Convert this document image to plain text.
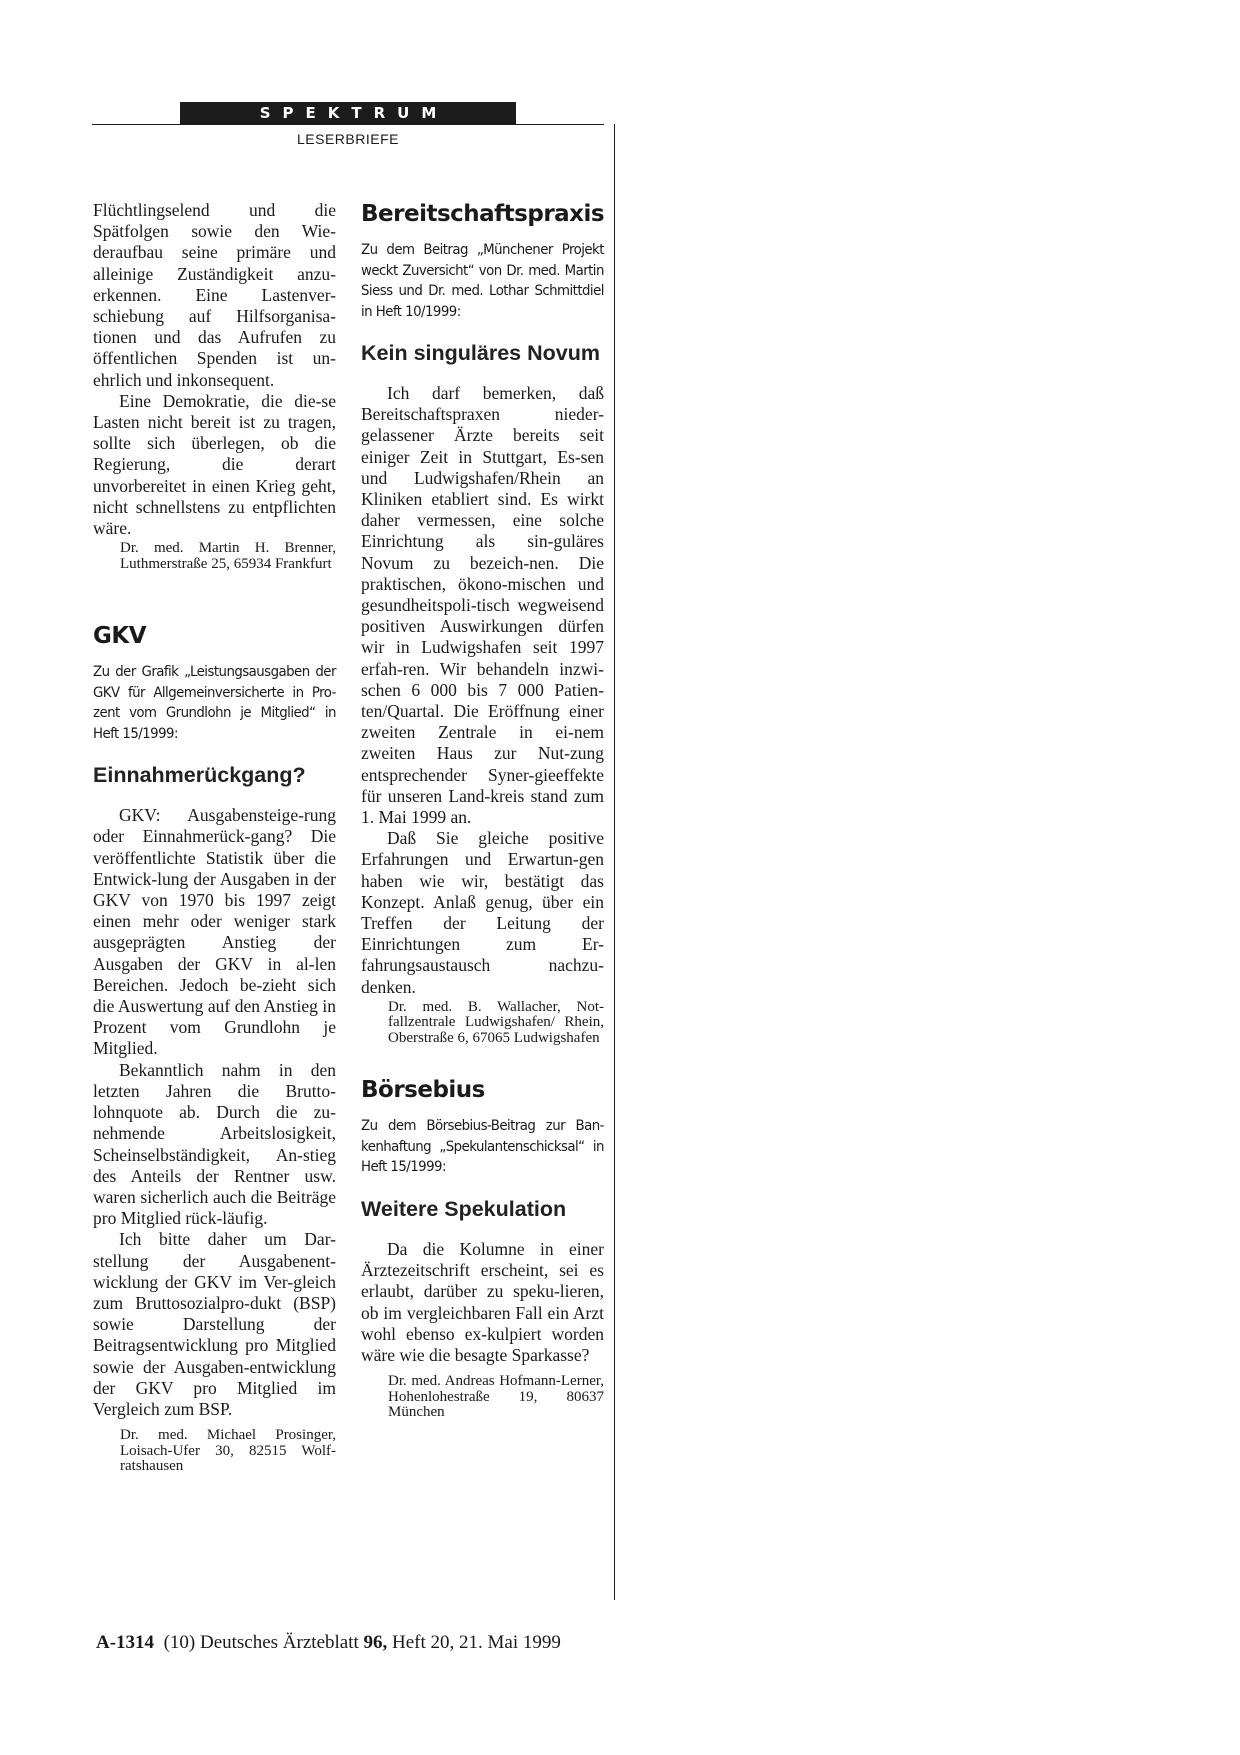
SPEKTRUM
LESERBRIEFE

Flüchtlingselend und die Spätfolgen sowie den Wie-deraufbau seine primäre und alleinige Zuständigkeit anzu-erkennen. Eine Lastenver-schiebung auf Hilfsorganisa-tionen und das Aufrufen zu öffentlichen Spenden ist un-ehrlich und inkonsequent.

Eine Demokratie, die die-se Lasten nicht bereit ist zu tragen, sollte sich überlegen, ob die Regierung, die derart unvorbereitet in einen Krieg geht, nicht schnellstens zu entpflichten wäre.

Dr. med. Martin H. Brenner, Luthmerstraße 25, 65934 Frankfurt

GKV

Zu der Grafik „Leistungsausgaben der GKV für Allgemeinversicherte in Pro-zent vom Grundlohn je Mitglied“ in Heft 15/1999:

Einnahmerückgang?

GKV: Ausgabensteige-rung oder Einnahmerück-gang? Die veröffentlichte Statistik über die Entwick-lung der Ausgaben in der GKV von 1970 bis 1997 zeigt einen mehr oder weniger stark ausgeprägten Anstieg der Ausgaben der GKV in al-len Bereichen. Jedoch be-zieht sich die Auswertung auf den Anstieg in Prozent vom Grundlohn je Mitglied.

Bekanntlich nahm in den letzten Jahren die Brutto-lohnquote ab. Durch die zu-nehmende Arbeitslosigkeit, Scheinselbständigkeit, An-stieg des Anteils der Rentner usw. waren sicherlich auch die Beiträge pro Mitglied rück-läufig.

Ich bitte daher um Dar-stellung der Ausgabenent-wicklung der GKV im Ver-gleich zum Bruttosozialpro-dukt (BSP) sowie Darstellung der Beitragsentwicklung pro Mitglied sowie der Ausgaben-entwicklung der GKV pro Mitglied im Vergleich zum BSP.

Dr. med. Michael Prosinger, Loisach-Ufer 30, 82515 Wolf-ratshausen

Bereitschaftspraxis

Zu dem Beitrag „Münchener Projekt weckt Zuversicht“ von Dr. med. Martin Siess und Dr. med. Lothar Schmittdiel in Heft 10/1999:

Kein singuläres Novum

Ich darf bemerken, daß Bereitschaftspraxen nieder-gelassener Ärzte bereits seit einiger Zeit in Stuttgart, Es-sen und Ludwigshafen/Rhein an Kliniken etabliert sind. Es wirkt daher vermessen, eine solche Einrichtung als sin-guläres Novum zu bezeich-nen. Die praktischen, ökono-mischen und gesundheitspoli-tisch wegweisend positiven Auswirkungen dürfen wir in Ludwigshafen seit 1997 erfah-ren. Wir behandeln inzwi-schen 6 000 bis 7 000 Patien-ten/Quartal. Die Eröffnung einer zweiten Zentrale in ei-nem zweiten Haus zur Nut-zung entsprechender Syner-gieeffekte für unseren Land-kreis stand zum 1. Mai 1999 an.

Daß Sie gleiche positive Erfahrungen und Erwartun-gen haben wie wir, bestätigt das Konzept. Anlaß genug, über ein Treffen der Leitung der Einrichtungen zum Er-fahrungsaustausch nachzu-denken.

Dr. med. B. Wallacher, Not-fallzentrale Ludwigshafen/ Rhein, Oberstraße 6, 67065 Ludwigshafen

Börsebius

Zu dem Börsebius-Beitrag zur Ban-kenhaftung „Spekulantenschicksal“ in Heft 15/1999:

Weitere Spekulation

Da die Kolumne in einer Ärztezeitschrift erscheint, sei es erlaubt, darüber zu speku-lieren, ob im vergleichbaren Fall ein Arzt wohl ebenso ex-kulpiert worden wäre wie die besagte Sparkasse?

Dr. med. Andreas Hofmann-Lerner, Hohenlohestraße 19, 80637 München

A-1314 (10) Deutsches Ärzteblatt 96, Heft 20, 21. Mai 1999
